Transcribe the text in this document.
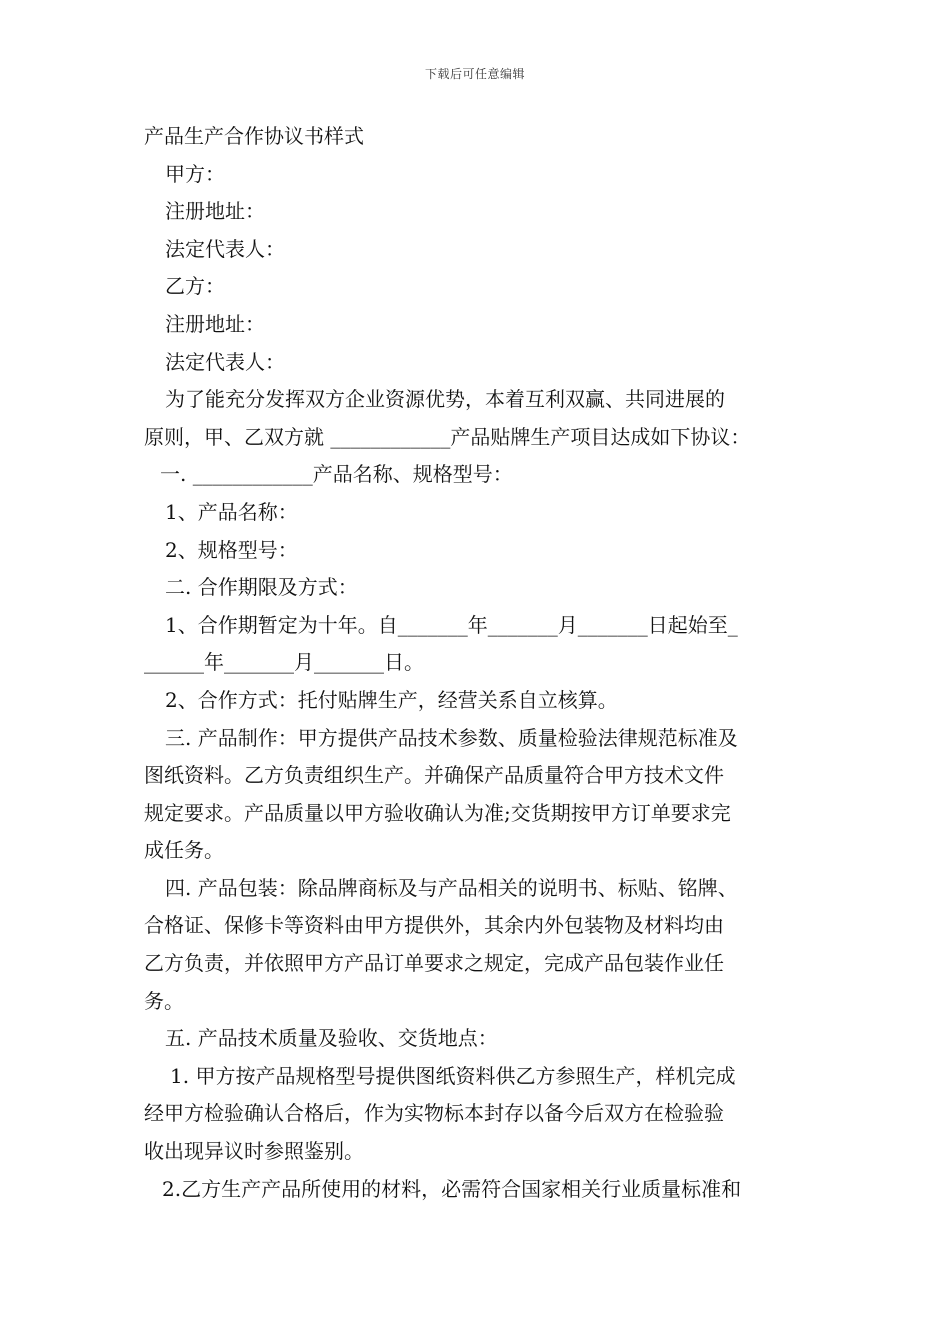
下载后可任意编辑
产品生产合作协议书样式
甲方：
注册地址：
法定代表人：
乙方：
注册地址：
法定代表人：
为了能充分发挥双方企业资源优势，本着互利双赢、共同进展的
原则，甲、乙双方就 ____________产品贴牌生产项目达成如下协议：
一. ____________产品名称、规格型号：
1、产品名称：
2、规格型号：
二. 合作期限及方式：
1、合作期暂定为十年。自_______年_______月_______日起始至_
______年_______月_______日。
2、合作方式：托付贴牌生产，经营关系自立核算。
三. 产品制作：甲方提供产品技术参数、质量检验法律规范标准及
图纸资料。乙方负责组织生产。并确保产品质量符合甲方技术文件
规定要求。产品质量以甲方验收确认为准;交货期按甲方订单要求完
成任务。
四. 产品包装：除品牌商标及与产品相关的说明书、标贴、铭牌、
合格证、保修卡等资料由甲方提供外，其余内外包装物及材料均由
乙方负责，并依照甲方产品订单要求之规定，完成产品包装作业任
务。
五. 产品技术质量及验收、交货地点：
1. 甲方按产品规格型号提供图纸资料供乙方参照生产，样机完成
经甲方检验确认合格后，作为实物标本封存以备今后双方在检验验
收出现异议时参照鉴别。
2.乙方生产产品所使用的材料，必需符合国家相关行业质量标准和
